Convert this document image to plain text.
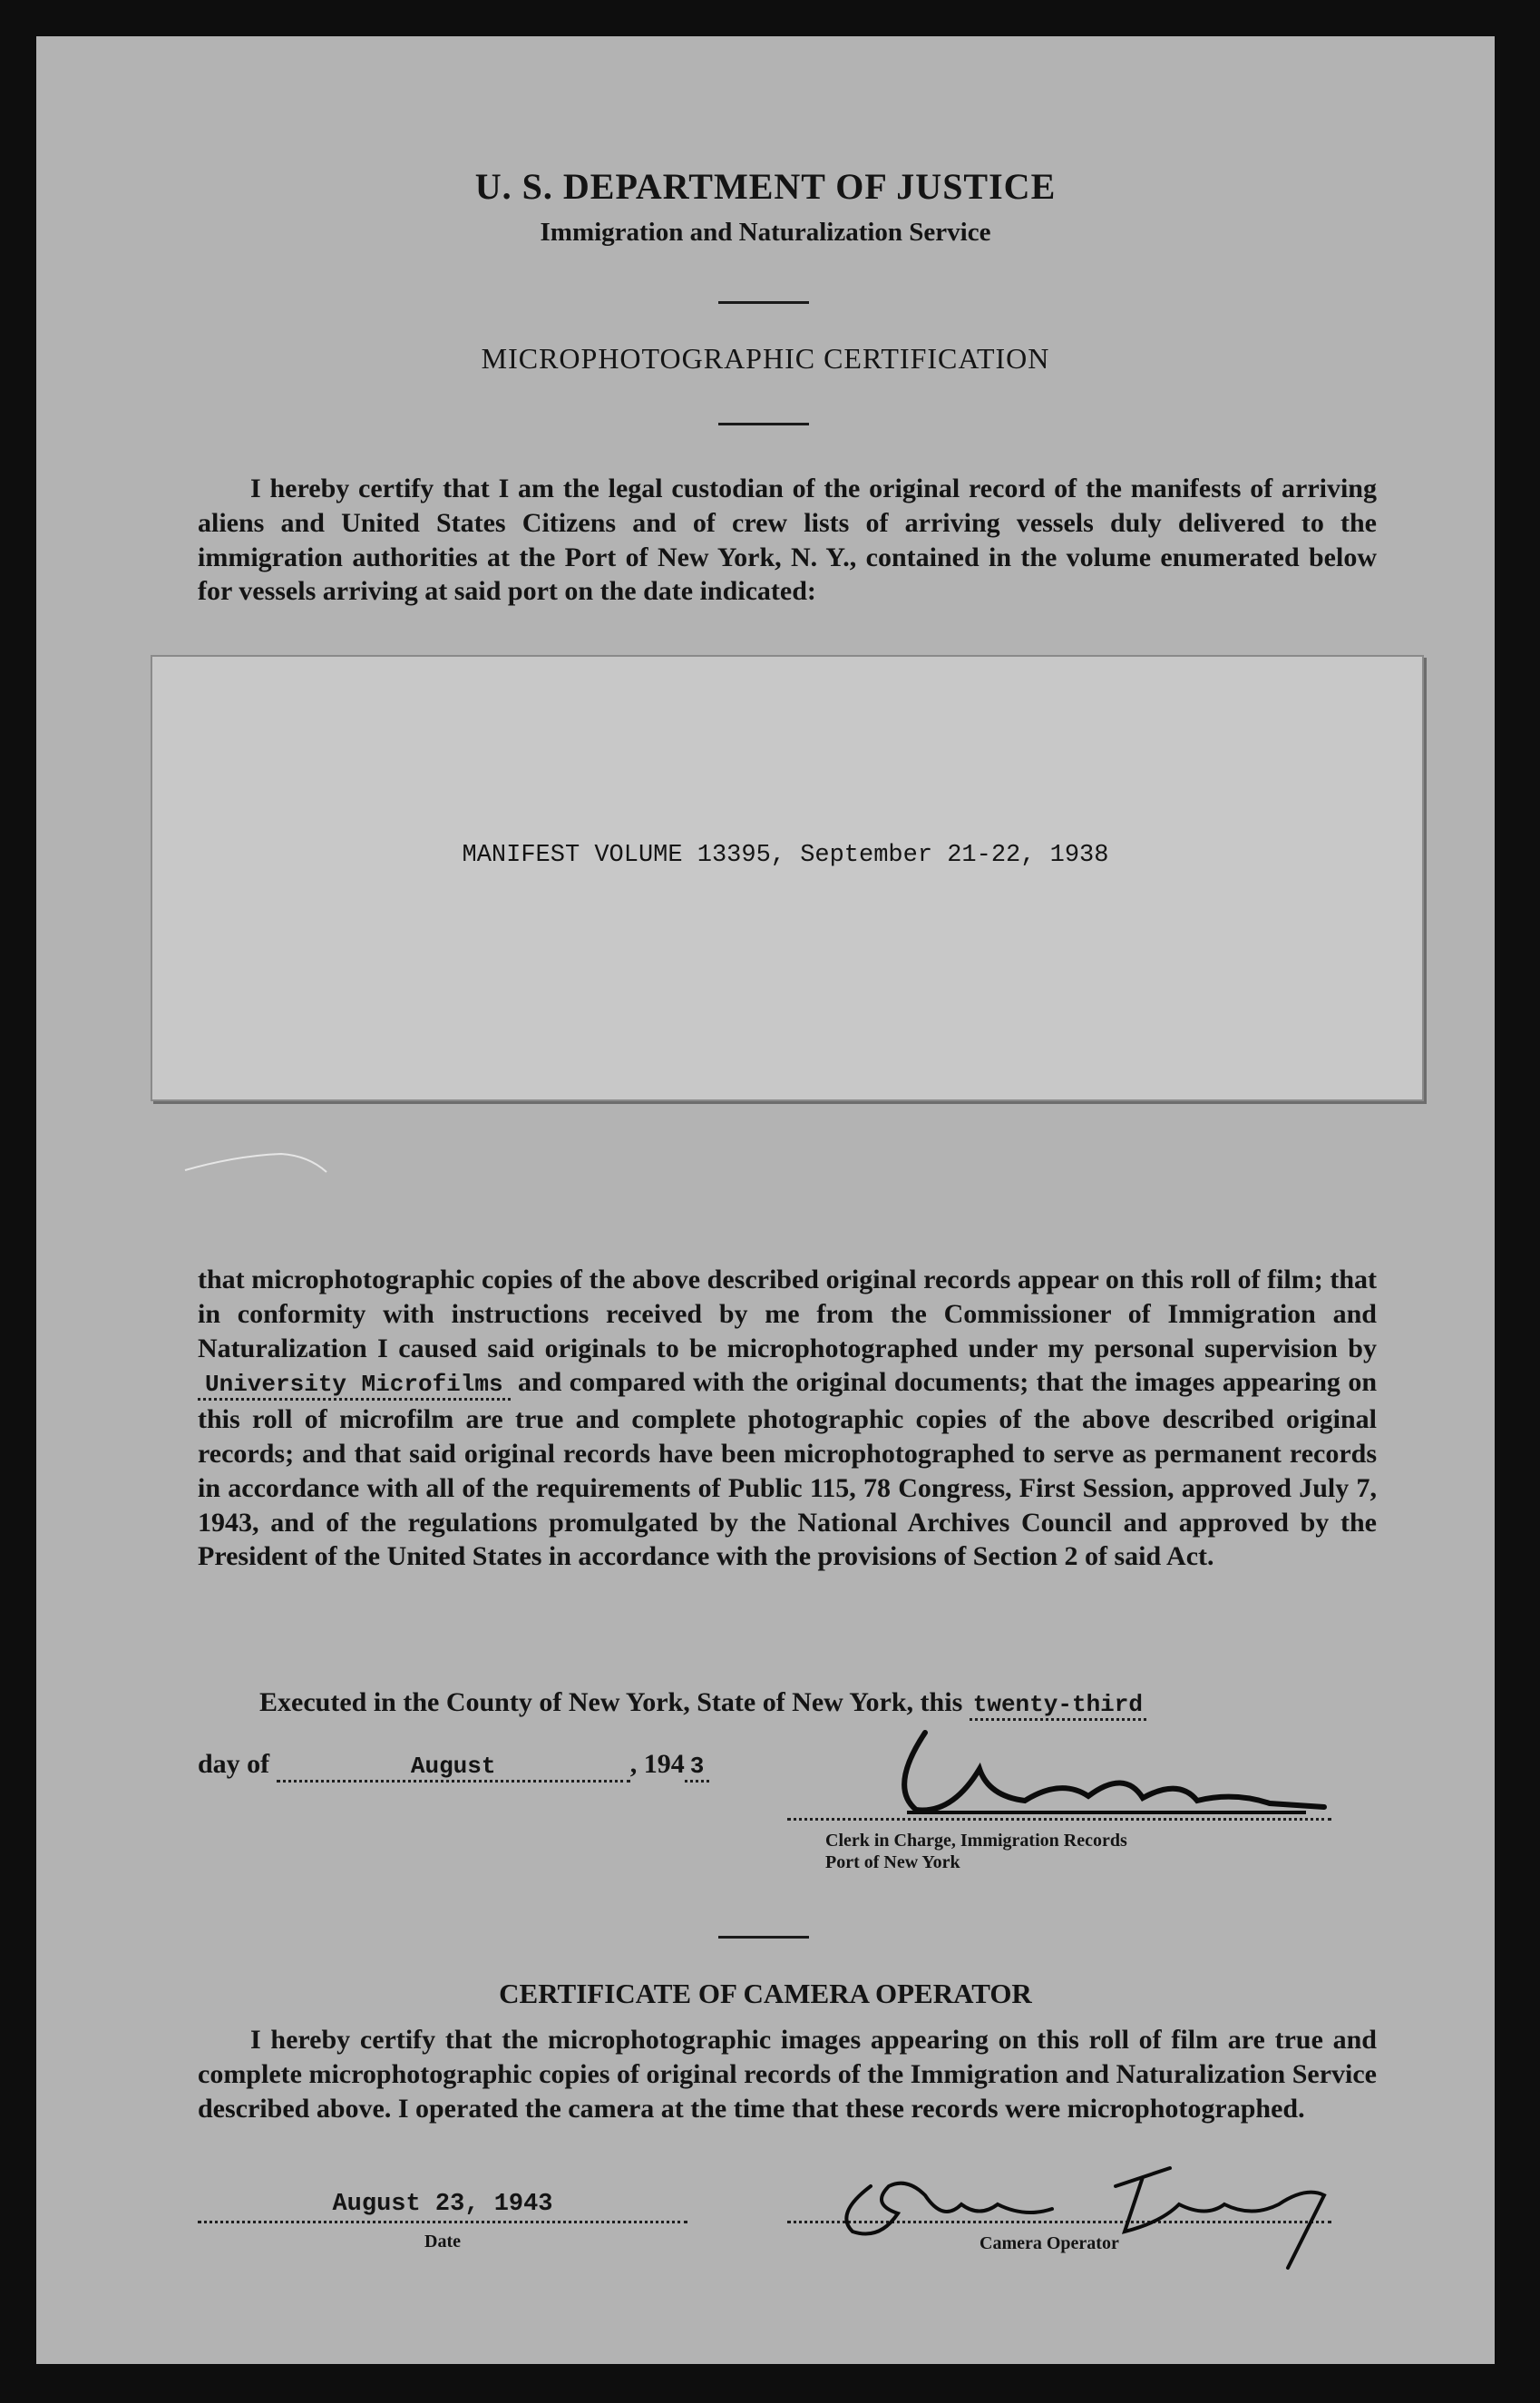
U. S. DEPARTMENT OF JUSTICE
Immigration and Naturalization Service
MICROPHOTOGRAPHIC CERTIFICATION

I hereby certify that I am the legal custodian of the original record of the manifests of arriving aliens and United States Citizens and of crew lists of arriving vessels duly delivered to the immigration authorities at the Port of New York, N. Y., contained in the volume enumerated below for vessels arriving at said port on the date indicated:

MANIFEST VOLUME 13395, September 21-22, 1938

that microphotographic copies of the above described original records appear on this roll of film; that in conformity with instructions received by me from the Commissioner of Immigration and Naturalization I caused said originals to be microphotographed under my personal supervision by University Microfilms and compared with the original documents; that the images appearing on this roll of microfilm are true and complete photographic copies of the above described original records; and that said original records have been microphotographed to serve as permanent records in accordance with all of the requirements of Public 115, 78 Congress, First Session, approved July 7, 1943, and of the regulations promulgated by the National Archives Council and approved by the President of the United States in accordance with the provisions of Section 2 of said Act.

Executed in the County of New York, State of New York, this twenty-third
day of	August	, 194 3
Clerk in Charge, Immigration Records
Port of New York
CERTIFICATE OF CAMERA OPERATOR

I hereby certify that the microphotographic images appearing on this roll of film are true and complete microphotographic copies of original records of the Immigration and Naturalization Service described above. I operated the camera at the time that these records were microphotographed.

August 23, 1943
Date	Camera Operator
